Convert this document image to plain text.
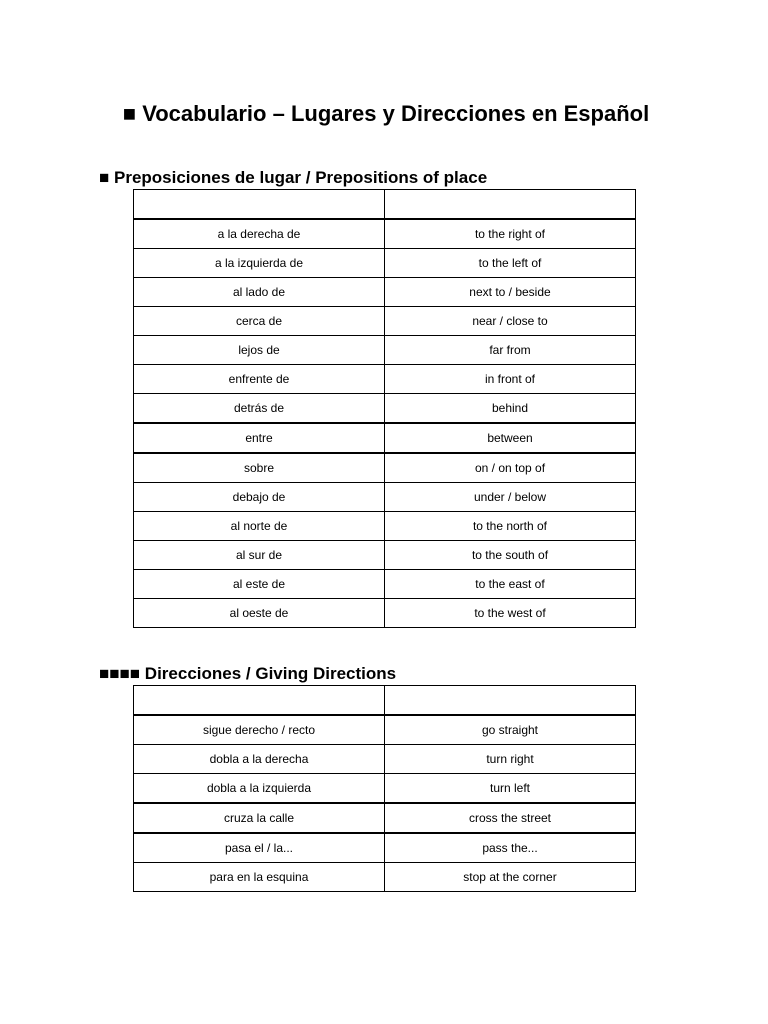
■ Vocabulario – Lugares y Direcciones en Español
■ Preposiciones de lugar / Prepositions of place

a la derecha de	to the right of
a la izquierda de	to the left of
al lado de	next to / beside
cerca de	near / close to
lejos de	far from
enfrente de	in front of
detrás de	behind
entre	between
sobre	on / on top of
debajo de	under / below
al norte de	to the north of
al sur de	to the south of
al este de	to the east of
al oeste de	to the west of
■■■■ Direcciones / Giving Directions

sigue derecho / recto	go straight
dobla a la derecha	turn right
dobla a la izquierda	turn left
cruza la calle	cross the street
pasa el / la...	pass the...
para en la esquina	stop at the corner
